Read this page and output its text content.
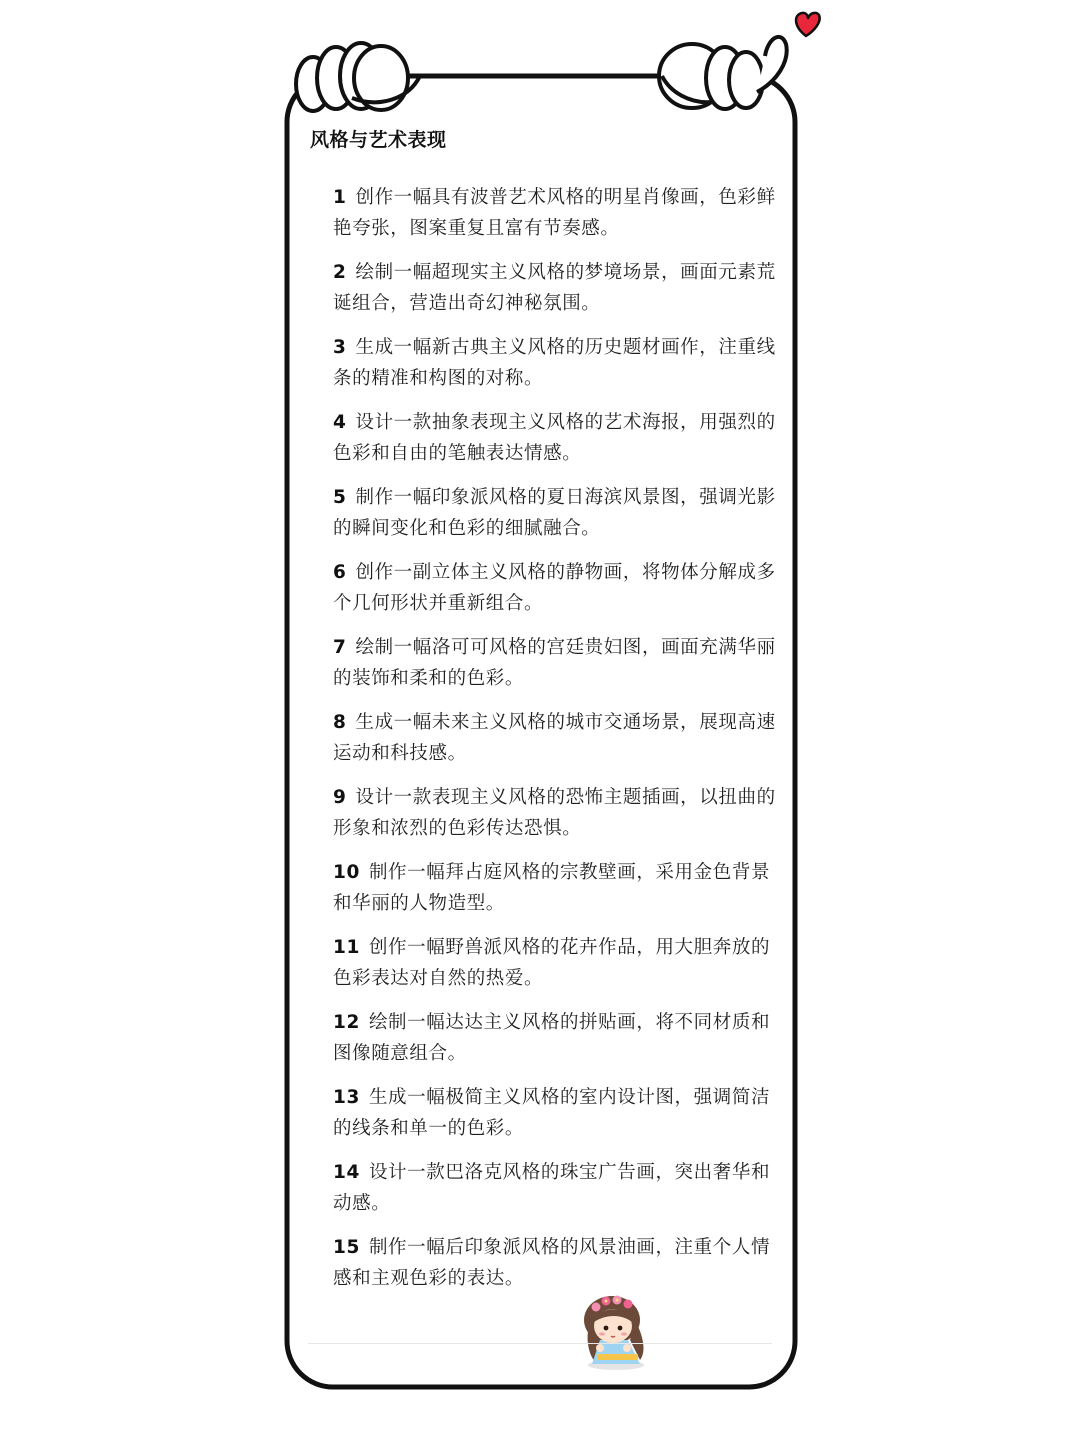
风格与艺术表现
1 创作一幅具有波普艺术风格的明星肖像画，色彩鲜艳夸张，图案重复且富有节奏感。
2 绘制一幅超现实主义风格的梦境场景，画面元素荒诞组合，营造出奇幻神秘氛围。
3 生成一幅新古典主义风格的历史题材画作，注重线条的精准和构图的对称。
4 设计一款抽象表现主义风格的艺术海报，用强烈的色彩和自由的笔触表达情感。
5 制作一幅印象派风格的夏日海滨风景图，强调光影的瞬间变化和色彩的细腻融合。
6 创作一副立体主义风格的静物画，将物体分解成多个几何形状并重新组合。
7 绘制一幅洛可可风格的宫廷贵妇图，画面充满华丽的装饰和柔和的色彩。
8 生成一幅未来主义风格的城市交通场景，展现高速运动和科技感。
9 设计一款表现主义风格的恐怖主题插画，以扭曲的形象和浓烈的色彩传达恐惧。
10 制作一幅拜占庭风格的宗教壁画，采用金色背景和华丽的人物造型。
11 创作一幅野兽派风格的花卉作品，用大胆奔放的色彩表达对自然的热爱。
12 绘制一幅达达主义风格的拼贴画，将不同材质和图像随意组合。
13 生成一幅极简主义风格的室内设计图，强调简洁的线条和单一的色彩。
14 设计一款巴洛克风格的珠宝广告画，突出奢华和动感。
15 制作一幅后印象派风格的风景油画，注重个人情感和主观色彩的表达。
